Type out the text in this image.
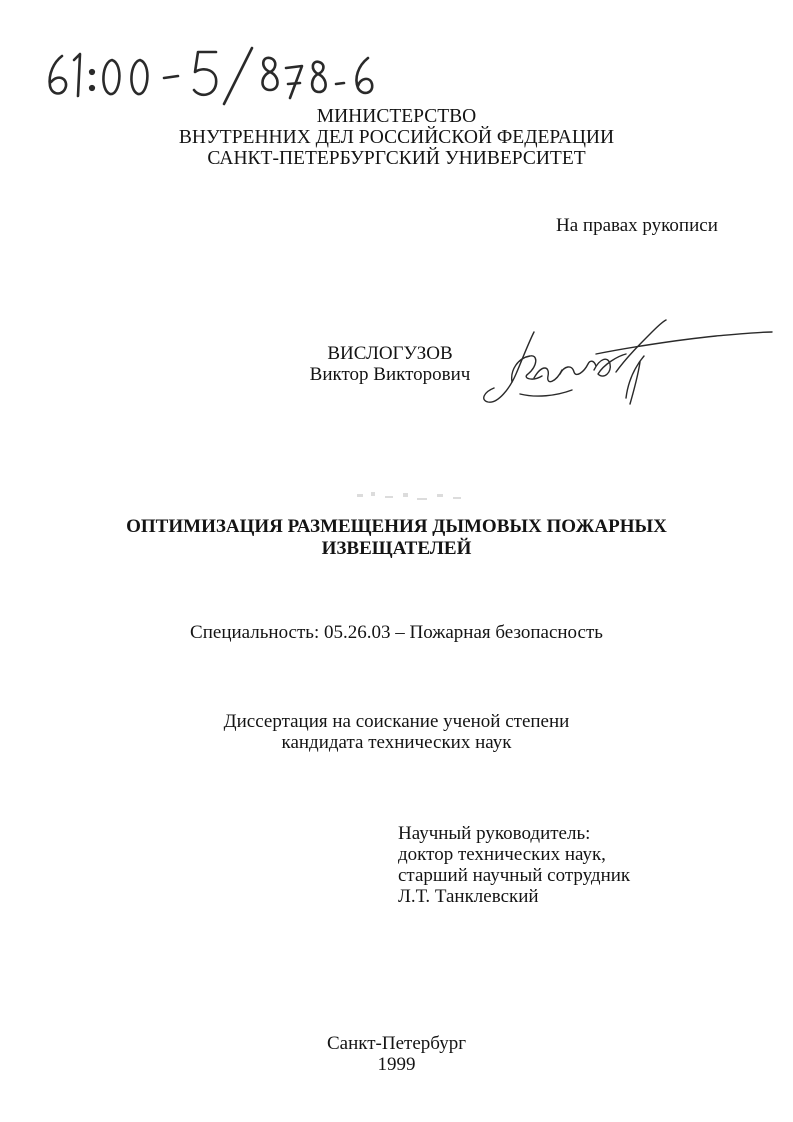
МИНИСТЕРСТВО
ВНУТРЕННИХ ДЕЛ РОССИЙСКОЙ ФЕДЕРАЦИИ
САНКТ-ПЕТЕРБУРГСКИЙ УНИВЕРСИТЕТ
На правах рукописи
ВИСЛОГУЗОВ
Виктор Викторович
ОПТИМИЗАЦИЯ РАЗМЕЩЕНИЯ ДЫМОВЫХ ПОЖАРНЫХ
ИЗВЕЩАТЕЛЕЙ
Специальность: 05.26.03 – Пожарная безопасность
Диссертация на соискание ученой степени
кандидата технических наук
Научный руководитель:
доктор технических наук,
старший научный сотрудник
Л.Т. Танклевский
Санкт-Петербург
1999
